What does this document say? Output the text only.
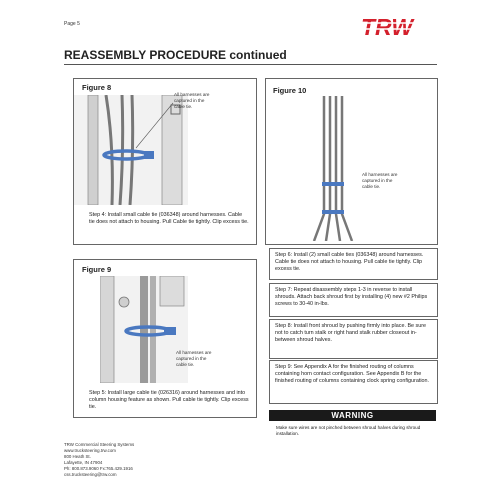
Page 5	TRW
REASSEMBLY PROCEDURE continued
Figure 8
All harnesses are
captured in the
cable tie.
Step 4: Install small cable tie (036348) around harnesses. Cable tie does not attach to housing. Pull Cable tie tightly. Clip excess tie.
Figure 9
All harnesses are
captured in the
cable tie.
Step 5: Install large cable tie (026316) around harnesses and into column housing feature as shown. Pull cable tie tightly. Clip excess tie.
Figure 10
All harnesses are
captured in the
cable tie.
Step 6: Install (2) small cable ties (036348) around harnesses. Cable tie does not attach to housing. Pull cable tie tightly. Clip excess tie.
Step 7: Repeat disassembly steps 1-3 in reverse to install shrouds. Attach back shroud first by installing (4) new #2 Philips screws to 30-40 in-lbs.
Step 8: Install front shroud by pushing firmly into place. Be sure not to catch turn stalk or right hand stalk rubber closeout in-between shroud halves.
Step 9: See Appendix A for the finished routing of columns containing horn contact configuration. See Appendix B for the finished routing of columns containing clock spring configuration.
WARNING
Make sure wires are not pinched between shroud halves during shroud installation.
TRW Commercial Steering Systems
www.trucksteering.trw.com
800 Heath St.
Lafayette, IN 47904
Ph: 800.873.9060 Fx:765.429.1916
css.trucksteering@trw.com
